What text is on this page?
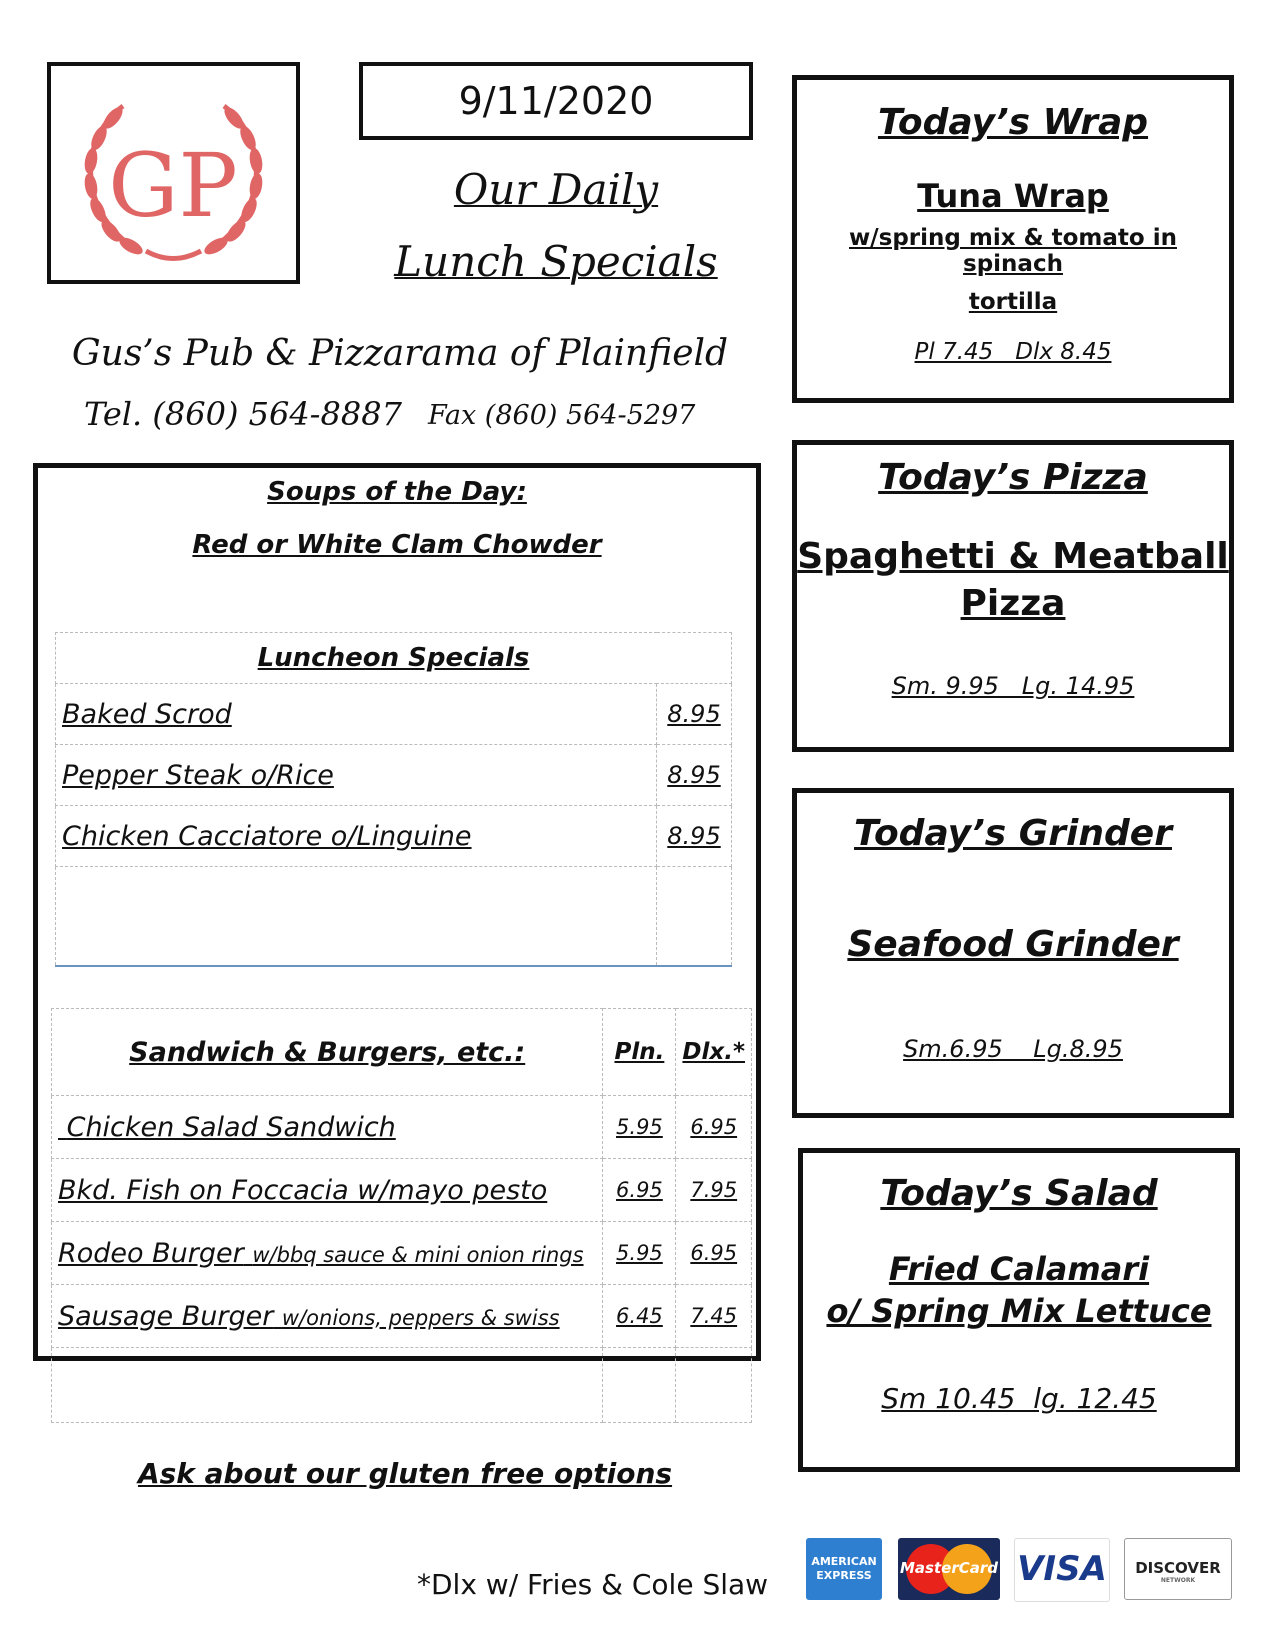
GP
9/11/2020
Our Daily
Lunch Specials
Gus’s Pub & Pizzarama of Plainfield
Tel. (860) 564-8887 Fax (860) 564-5297
Soups of the Day:
Red or White Clam Chowder
Luncheon Specials	
Baked Scrod	8.95
Pepper Steak o/Rice	8.95
Chicken Cacciatore o/Linguine	8.95

Sandwich & Burgers, etc.:	Pln.	Dlx.*
Chicken Salad Sandwich	5.95	6.95
Bkd. Fish on Foccacia w/mayo pesto	6.95	7.95
Rodeo Burger w/bbq sauce & mini onion rings	5.95	6.95
Sausage Burger w/onions, peppers & swiss	6.45	7.45

Ask about our gluten free options
*Dlx w/ Fries & Cole Slaw
Today’s Wrap
Tuna Wrap
w/spring mix & tomato in spinach
tortilla
Pl 7.45   Dlx 8.45
Today’s Pizza
Spaghetti & Meatball
Pizza
Sm. 9.95   Lg. 14.95
Today’s Grinder
Seafood Grinder
Sm.6.95    Lg.8.95
Today’s Salad
Fried Calamari
o/ Spring Mix Lettuce
Sm 10.45  lg. 12.45
AMERICAN
EXPRESS	MasterCard VISA	DISCOVER
NETWORK
